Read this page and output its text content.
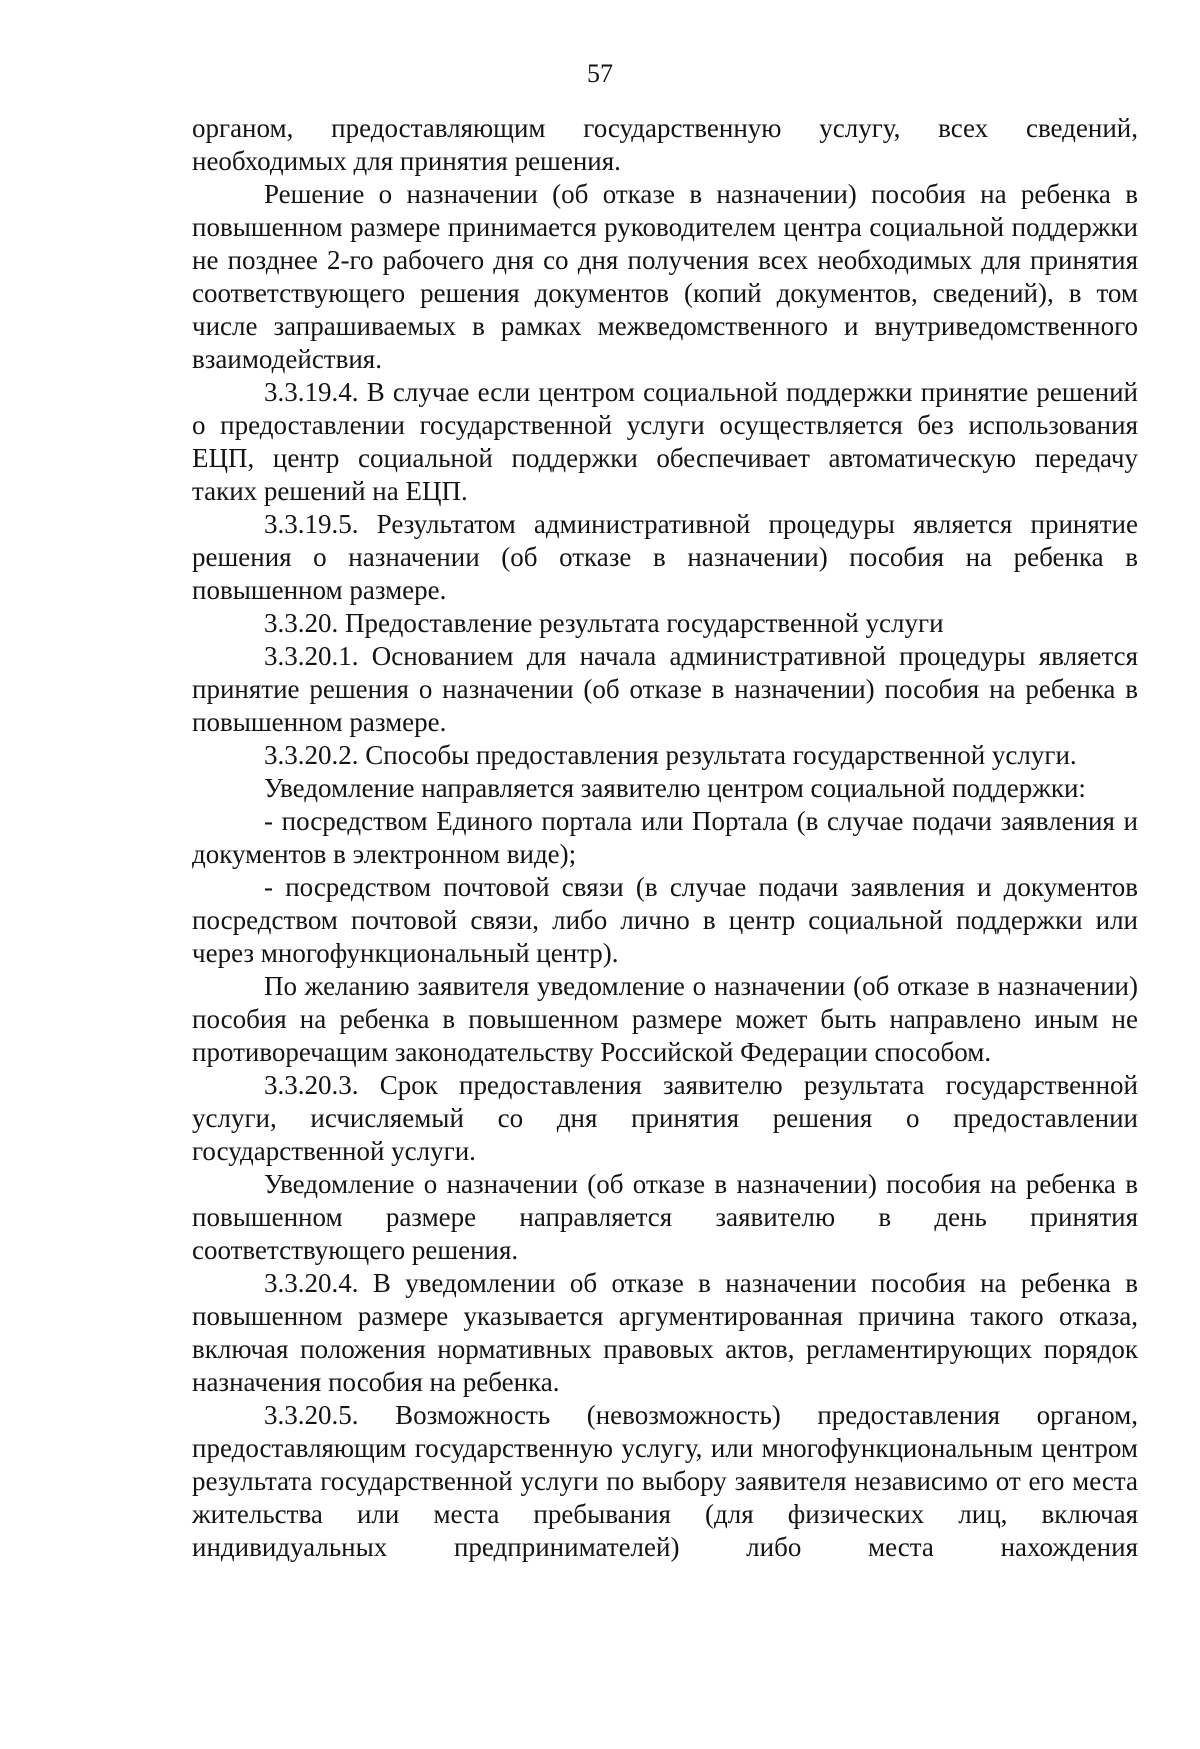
57

органом, предоставляющим государственную услугу, всех сведений, необходимых для принятия решения.

Решение о назначении (об отказе в назначении) пособия на ребенка в повышенном размере принимается руководителем центра социальной поддержки не позднее 2-го рабочего дня со дня получения всех необходимых для принятия соответствующего решения документов (копий документов, сведений), в том числе запрашиваемых в рамках межведомственного и внутриведомственного взаимодействия.

3.3.19.4. В случае если центром социальной поддержки принятие решений о предоставлении государственной услуги осуществляется без использования ЕЦП, центр социальной поддержки обеспечивает автоматическую передачу таких решений на ЕЦП.

3.3.19.5. Результатом административной процедуры является принятие решения о назначении (об отказе в назначении) пособия на ребенка в повышенном размере.

3.3.20. Предоставление результата государственной услуги

3.3.20.1. Основанием для начала административной процедуры является принятие решения о назначении (об отказе в назначении) пособия на ребенка в повышенном размере.

3.3.20.2. Способы предоставления результата государственной услуги.

Уведомление направляется заявителю центром социальной поддержки:

- посредством Единого портала или Портала (в случае подачи заявления и документов в электронном виде);

- посредством почтовой связи (в случае подачи заявления и документов посредством почтовой связи, либо лично в центр социальной поддержки или через многофункциональный центр).

По желанию заявителя уведомление о назначении (об отказе в назначении) пособия на ребенка в повышенном размере может быть направлено иным не противоречащим законодательству Российской Федерации способом.

3.3.20.3. Срок предоставления заявителю результата государственной услуги, исчисляемый со дня принятия решения о предоставлении государственной услуги.

Уведомление о назначении (об отказе в назначении) пособия на ребенка в повышенном размере направляется заявителю в день принятия соответствующего решения.

3.3.20.4. В уведомлении об отказе в назначении пособия на ребенка в повышенном размере указывается аргументированная причина такого отказа, включая положения нормативных правовых актов, регламентирующих порядок назначения пособия на ребенка.

3.3.20.5. Возможность (невозможность) предоставления органом, предоставляющим государственную услугу, или многофункциональным центром результата государственной услуги по выбору заявителя независимо от его места жительства или места пребывания (для физических лиц, включая индивидуальных предпринимателей) либо места нахождения
